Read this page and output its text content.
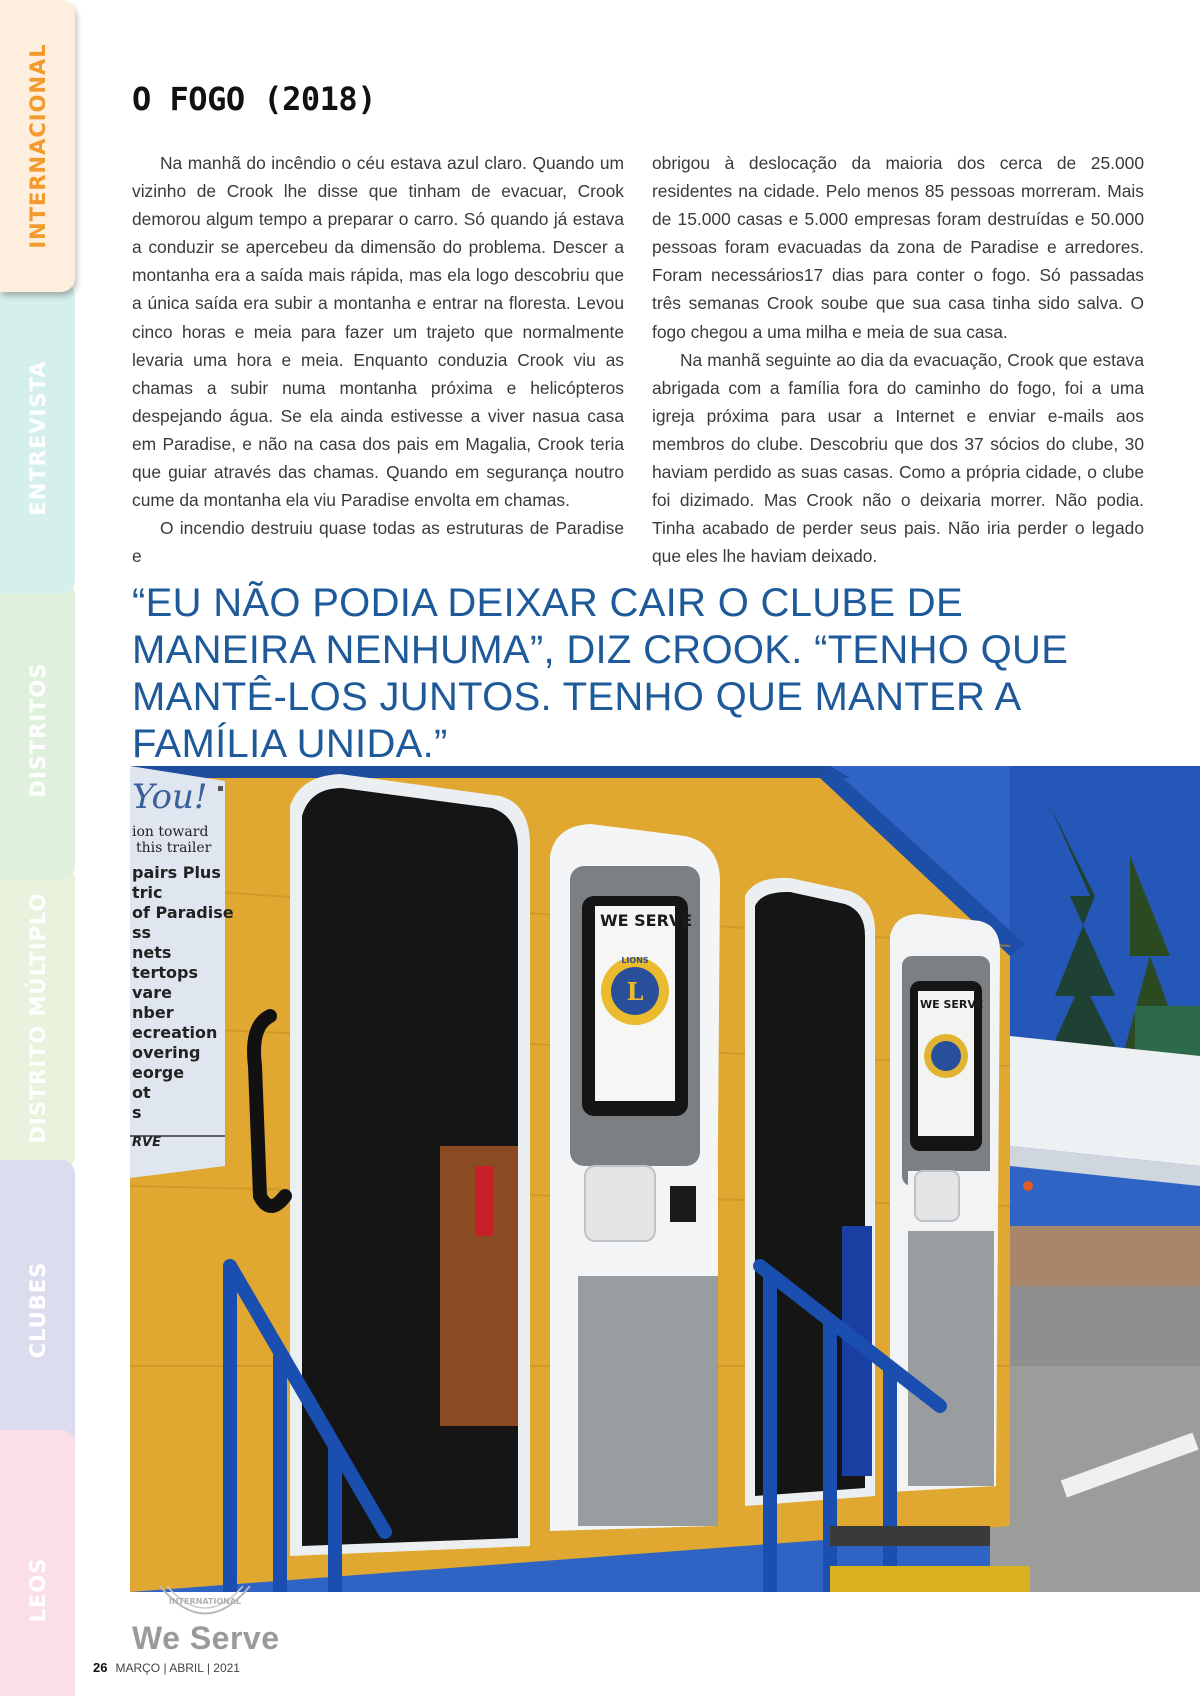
DISTRITO MÚLTIPLO
DISTRITOS
ENTREVISTA
CLUBES
LEOS
INTERNACIONAL	O FOGO (2018)

Na manhã do incêndio o céu estava azul claro. Quando um vizinho de Crook lhe disse que tinham de evacuar, Crook demorou algum tempo a preparar o carro. Só quando já estava a conduzir se apercebeu da dimensão do problema. Descer a montanha era a saída mais rápida, mas ela logo descobriu que a única saída era subir a montanha e entrar na floresta. Levou cinco horas e meia para fazer um trajeto que normalmente levaria uma hora e meia. Enquanto conduzia Crook viu as chamas a subir numa montanha próxima e helicópteros despejando água. Se ela ainda estivesse a viver nasua casa em Paradise, e não na casa dos pais em Magalia, Crook teria que guiar através das chamas. Quando em segurança noutro cume da montanha ela viu Paradise envolta em chamas.

O incendio destruiu quase todas as estruturas de Paradise e

obrigou à deslocação da maioria dos cerca de 25.000 residentes na cidade. Pelo menos 85 pessoas morreram. Mais de 15.000 casas e 5.000 empresas foram destruídas e 50.000 pessoas foram evacuadas da zona de Paradise e arredores. Foram necessários17 dias para conter o fogo. Só passadas três semanas Crook soube que sua casa tinha sido salva. O fogo chegou a uma milha e meia de sua casa.

Na manhã seguinte ao dia da evacuação, Crook que estava abrigada com a família fora do caminho do fogo, foi a uma igreja próxima para usar a Internet e enviar e-mails aos membros do clube. Descobriu que dos 37 sócios do clube, 30 haviam perdido as suas casas. Como a própria cidade, o clube foi dizimado. Mas Crook não o deixaria morrer. Não podia. Tinha acabado de perder seus pais. Não iria perder o legado que eles lhe haviam deixado.

“EU NÃO PODIA DEIXAR CAIR O CLUBE DE MANEIRA NENHUMA”, DIZ CROOK. “TENHO QUE MANTÊ-LOS JUNTOS. TENHO QUE MANTER A FAMÍLIA UNIDA.”

You!
ion toward
this trailer
pairs Plus
tric
of Paradise
ss
nets
tertops
vare
nber
ecreation
overing
eorge
ot
s
RVE
WE SERVE
L
LIONS
WE SERVE
INTERNATIONAL
We Serve
26 MARÇO | ABRIL | 2021
